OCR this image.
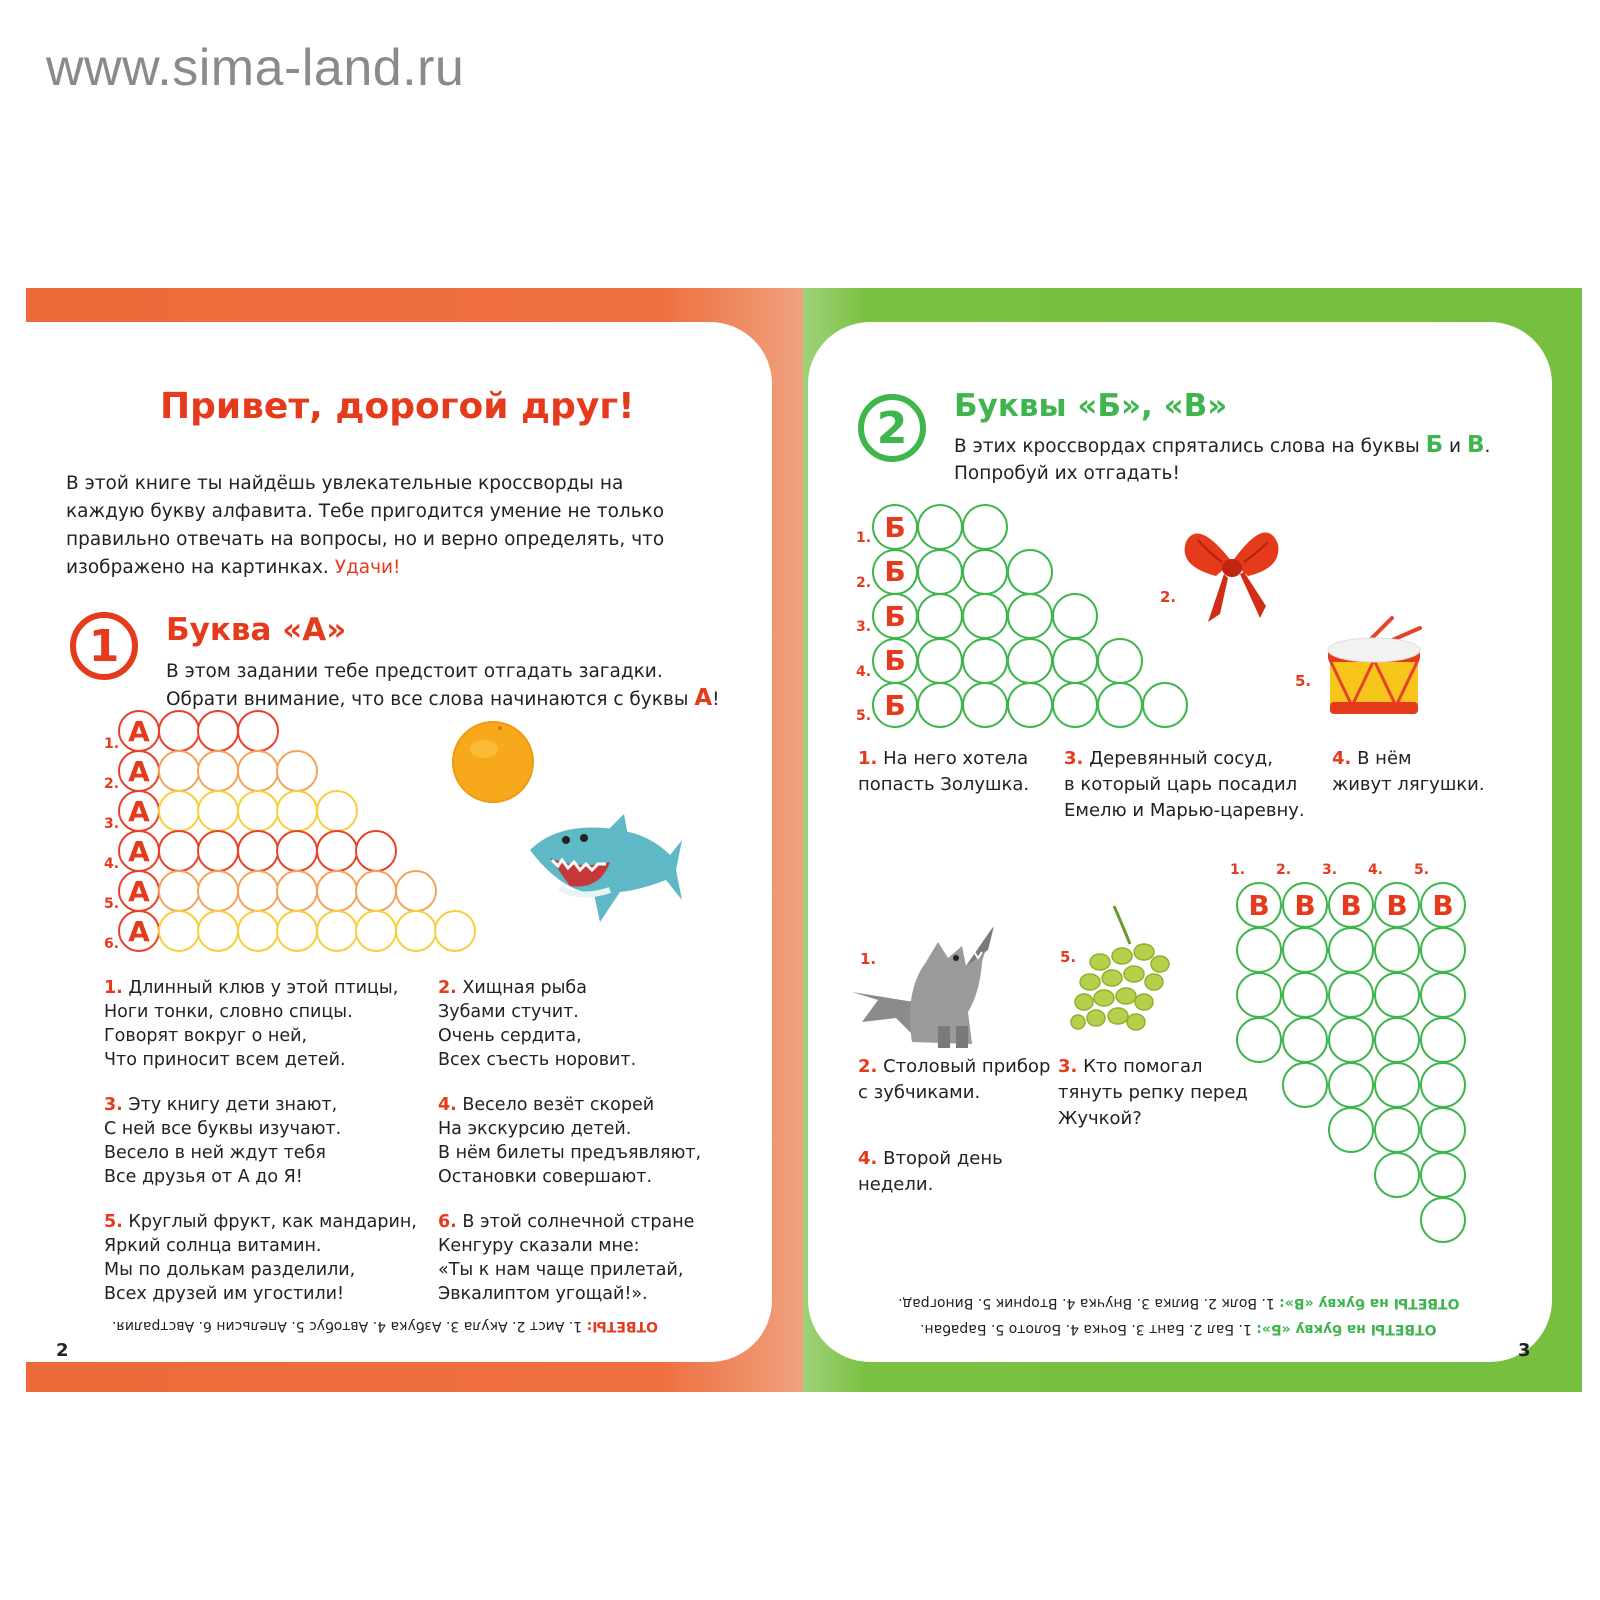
www.sima-land.ru
Привет, дорогой друг!
В этой книге ты найдёшь увлекательные кроссворды на каждую букву алфавита. Тебе пригодится умение не только правильно отвечать на вопросы, но и верно определять, что изображено на картинках. Удачи!
1	Буква «А»
В этом задании тебе предстоит отгадать загадки.
Обрати внимание, что все слова начинаются с буквы А!
1. А
2. А
3. А
4. А
5. А
6. А
1. Длинный клюв у этой птицы,
Ноги тонки, словно спицы.
Говорят вокруг о ней,
Что приносит всем детей.
2. Хищная рыба
Зубами стучит.
Очень сердита,
Всех съесть норовит.
3. Эту книгу дети знают,
С ней все буквы изучают.
Весело в ней ждут тебя
Все друзья от А до Я!
4. Весело везёт скорей
На экскурсию детей.
В нём билеты предъявляют,
Остановки совершают.
5. Круглый фрукт, как мандарин,
Яркий солнца витамин.
Мы по долькам разделили,
Всех друзей им угостили!
6. В этой солнечной стране
Кенгуру сказали мне:
«Ты к нам чаще прилетай,
Эвкалиптом угощай!».
ОТВЕТЫ: 1. Аист 2. Акула 3. Азбука 4. Автобус 5. Апельсин 6. Австралия.
2
2	Буквы «Б», «В»
В этих кроссвордах спрятались слова на буквы Б и В.
Попробуй их отгадать!
1. Б
2. Б
3. Б
4. Б
5. Б
2.
5.
1. На него хотела
попасть Золушка.
3. Деревянный сосуд,
в который царь посадил
Емелю и Марью-царевну.
4. В нём
живут лягушки.
1.	5.
2. Столовый прибор
с зубчиками.
3. Кто помогал
тянуть репку перед
Жучкой?
4. Второй день
недели.
1. 2. 3. 4. 5.
В В В В В
ОТВЕТЫ на букву «В»: 1. Волк 2. Вилка 3. Внучка 4. Вторник 5. Виноград.
ОТВЕТЫ на букву «Б»: 1. Бал 2. Бант 3. Бочка 4. Болото 5. Барабан.
3
